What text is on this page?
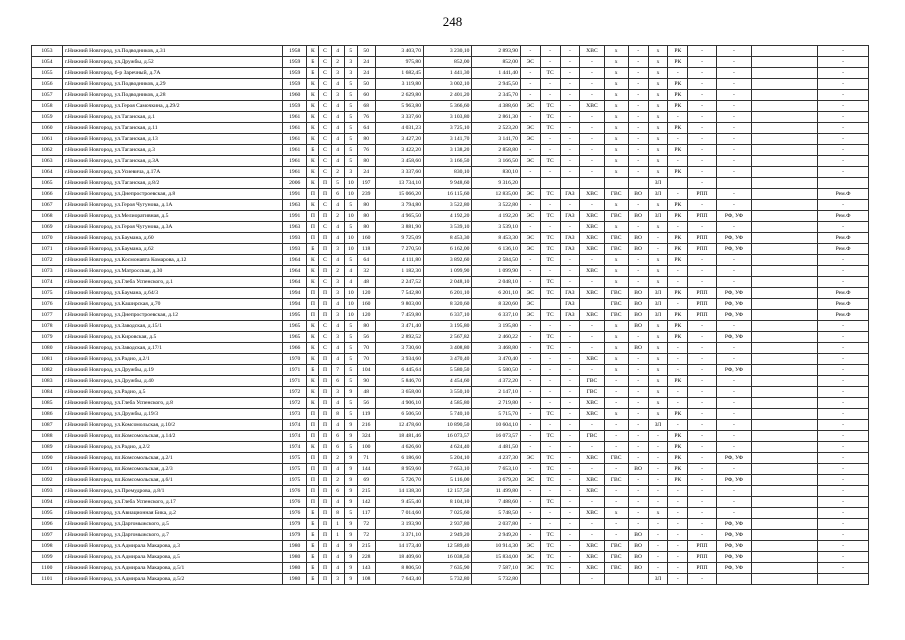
248
1053	г.Нижний Новгород, ул.Подводников, д.31	1958	К	С	4	5	50	3 403,70	3 230,10	2 893,90	-	-	-	ХВС	х	-	х	РК	-	-		-
1054	г.Нижний Новгород, ул.Дружбы, д.52	1959	Б	С	2	3	24	975,80	852,00	852,00	ЭС	-	-	-	х	-	х	РК	-	-		-
1055	г.Нижний Новгород, б-р Заречный, д.7А	1959	Б	С	3	3	24	1 682,45	1 441,30	1 441,40	-	ТС	-	-	х	-	х	-	-	-		-
1056	г.Нижний Новгород, ул.Подводников, д.29	1959	К	С	4	5	50	3 119,80	3 002,10	2 945,50	-	-	-	-	х	-	х	РК	-	-		-
1057	г.Нижний Новгород, ул.Подводников, д.28	1960	К	С	3	5	60	2 629,80	2 401,20	2 345,70	-	-	-	-	х	-	х	РК	-	-		-
1058	г.Нижний Новгород, ул.Героя Самочкина, д.29/2	1959	К	С	4	5	68	5 963,80	5 366,60	4 388,60	ЭС	ТС	-	ХВС	х	-	х	РК	-	-		-
1059	г.Нижний Новгород, ул.Таганская, д.1	1961	К	С	4	5	76	3 337,60	3 103,80	2 861,30	-	ТС	-	-	х	-	х	-	-	-		-
1060	г.Нижний Новгород, ул.Таганская, д.11	1961	К	С	4	5	64	4 031,23	3 725,10	2 523,20	ЭС	ТС	-	-	х	-	х	РК	-	-		-
1061	г.Нижний Новгород, ул.Таганская, д.13	1961	К	С	4	5	80	3 427,20	3 141,70	3 141,70	ЭС	-	-	-	х	-	х	-	-	-		-
1062	г.Нижний Новгород, ул.Таганская, д.3	1961	Б	С	4	5	76	3 422,20	3 138,20	2 858,80	-	-	-	-	х	-	х	РК	-	-		-
1063	г.Нижний Новгород, ул.Таганская, д.3А	1961	К	С	4	5	80	3 458,60	3 166,50	3 166,50	ЭС	ТС	-	-	х	-	х	-	-	-		-
1064	г.Нижний Новгород, ул.Усиевича, д.17А	1961	К	С	2	3	24	3 337,60	830,10	830,10	-	-	-	-	х	-	х	РК	-	-		-
1065	г.Нижний Новгород, ул.Таганская, д.8/2	2006	К	П	5	10	197	13 734,10	9 948,60	9 316,20							ЗЛ		-			
1066	г.Нижний Новгород, ул.Днепростроевская, д.8	1991	П	П	6	10	239	15 066,20	16 115,60	12 835,00	ЭС	ТС	ГАЗ	ХВС	ГВС	ВО	ЗЛ	-	РПП	-		Рем.Ф
1067	г.Нижний Новгород, ул.Героя Чугунова, д.1А	1963	К	С	4	5	80	3 794,80	3 522,80	3 522,80	-	-	-	-	х	-	х	РК	-	-		-
1068	г.Нижний Новгород, ул.Мелиоративная, д.5	1991	П	П	2	10	80	4 965,50	4 192,20	4 192,20	ЭС	ТС	ГАЗ	ХВС	ГВС	ВО	ЗЛ	РК	РПП	РФ, УФ		Рем.Ф
1069	г.Нижний Новгород, ул.Героя Чугунова, д.3А	1963	П	С	4	5	80	3 881,90	3 539,10	3 539,10	-	-	-	ХВС	х	-	х	-	-	-		-
1070	г.Нижний Новгород, ул.Баумана, д.60	1993	П	П	4	10	160	9 725,09	8 453,30	8 453,30	ЭС	ТС	ГАЗ	ХВС	ГВС	ВО	-	РК	РПП	РФ, УФ		Рем.Ф
1071	г.Нижний Новгород, ул.Баумана, д.62	1993	Б	П	3	10	118	7 270,50	6 162,00	6 136,10	ЭС	ТС	ГАЗ	ХВС	ГВС	ВО	-	РК	РПП	РФ, УФ		Рем.Ф
1072	г.Нижний Новгород, ул.Космонавта Комарова, д.12	1964	К	С	4	5	64	4 111,80	3 892,60	2 584,50	-	ТС	-	-	х	-	х	РК	-	-		-
1073	г.Нижний Новгород, ул.Матросская, д.30	1964	К	П	2	4	32	1 182,30	1 099,90	1 099,90	-	-	-	ХВС	х	-	х	-	-	-		-
1074	г.Нижний Новгород, ул.Глеба Успенского, д.1	1964	К	С	3	4	48	2 247,52	2 048,10	2 048,10	-	ТС	-	-	х	-	х	-	-	-		-
1075	г.Нижний Новгород, ул.Баумана, д.64/3	1994	П	П	3	10	120	7 542,80	6 201,10	6 201,10	ЭС	ТС	ГАЗ	ХВС	ГВС	ВО	ЗЛ	РК	РПП	РФ, УФ		Рем.Ф
1076	г.Нижний Новгород, ул.Каширская, д.70	1994	П	П	4	10	160	9 803,00	8 320,60	8 320,60	ЭС		ГАЗ		ГВС	ВО	ЗЛ	-	РПП	РФ, УФ		Рем.Ф
1077	г.Нижний Новгород, ул.Днепростроевская, д.12	1995	П	П	3	10	120	7 459,80	6 337,10	6 337,10	ЭС	ТС	ГАЗ	ХВС	ГВС	ВО	ЗЛ	РК	РПП	РФ, УФ		Рем.Ф
1078	г.Нижний Новгород, ул.Заводская, д.15/1	1965	К	С	4	5	80	3 471,40	3 195,80	3 195,80	-	-	-	-	х	ВО	х	РК	-	-		-
1079	г.Нижний Новгород, ул.Кировская, д.5	1965	К	С	3	5	56	2 892,52	2 567,82	2 460,22	-	ТС	-	-	х	-	х	РК	-	РФ, УФ		-
1080	г.Нижний Новгород, ул.Заводская, д.17/1	1966	К	С	4	5	70	3 730,60	3 408,80	3 468,80	-	ТС	-	-	х	ВО	х	-	-	-		-
1081	г.Нижний Новгород, ул.Радио, д.2/1	1970	К	П	4	5	70	3 934,60	3 470,40	3 470,40	-	-	-	ХВС	х	-	х	-	-	-		-
1082	г.Нижний Новгород, ул.Дружбы, д.19	1971	Б	П	7	5	104	6 445,64	5 580,50	5 580,50	-	-	-	-	х	-	х	-	-	РФ, УФ		-
1083	г.Нижний Новгород, ул.Дружбы, д.40	1971	К	П	6	5	90	5 846,70	4 454,60	4 372,20	-	-	-	ГВС	-	-	х	РК	-	-		-
1084	г.Нижний Новгород, ул.Радио, д.5	1972	К	П	3	9	48	3 658,00	3 550,10	2 147,10	-	-	-	ГВС	-	-	х	-	-	-		-
1085	г.Нижний Новгород, ул.Глеба Успенского, д.8	1972	К	П	4	5	56	4 906,10	4 585,80	2 719,80	-	-	-	ХВС	-	-	х	-	-	-		-
1086	г.Нижний Новгород, ул.Дружбы, д.19/3	1973	П	П	8	5	119	6 506,50	5 740,10	5 715,70	-	ТС	-	ХВС	х	-	х	РК	-	-		-
1087	г.Нижний Новгород, ул.Комсомольская, д.10/2	1974	П	П	4	9	216	12 478,60	10 890,50	10 604,10	-	-	-	-	-	-	ЗЛ	-	-	-		-
1088	г.Нижний Новгород, пл.Комсомольская, д.14/2	1974	П	П	6	9	324	18 481,46	16 073,57	16 073,57	-	ТС	-	ГВС	-	-	-	РК	-	-		-
1089	г.Нижний Новгород, ул.Радио, д.2/2	1974	К	П	6	5	100	4 626,60	4 624,40	4 481,50	-	-	-	-	-	-	-	РК	-	-		-
1090	г.Нижний Новгород, пл.Комсомольская, д.2/1	1975	П	П	2	9	71	6 186,60	5 204,10	4 237,30	ЭС	ТС	-	ХВС	ГВС	-	-	РК	-	РФ, УФ		-
1091	г.Нижний Новгород, пл.Комсомольская, д.2/3	1975	П	П	4	9	144	8 959,60	7 653,10	7 653,10	-	ТС	-	-	-	ВО	-	РК	-	-		-
1092	г.Нижний Новгород, пл.Комсомольская, д.6/1	1975	П	П	2	9	69	5 726,70	5 116,00	3 679,20	ЭС	ТС	-	ХВС	ГВС	-	-	РК	-	РФ, УФ		-
1093	г.Нижний Новгород, ул.Премудрова, д.8/1	1976	П	П	6	9	215	14 138,30	12 157,50	11 499,80	-	-	-	ХВС	-	-	-	-	-	-		-
1094	г.Нижний Новгород, ул.Глеба Успенского, д.17	1976	П	П	4	9	142	9 455,40	8 104,10	7 488,60	-	ТС	-	-	-	-	-	-	-	-		-
1095	г.Нижний Новгород, ул.Авиационная Бика, д.2	1976	Б	П	8	5	117	7 014,60	7 025,60	5 748,50	-	-	-	ХВС	х	-	х	-	-	-		-
1096	г.Нижний Новгород, ул.Даргомыжского, д.5	1979	Б	П	1	9	72	3 193,90	2 937,80	2 037,80	-	-	-	-	-	-	-	-	-	РФ, УФ		-
1097	г.Нижний Новгород, ул.Даргомыжского, д.7	1979	Б	П	1	9	72	3 371,10	2 949,20	2 949,20	-	ТС	-	-	-	ВО	-	-	-	РФ, УФ		-
1098	г.Нижний Новгород, ул.Адмирала Макарова, д.3	1980	Б	П	4	9	215	14 173,40	12 589,40	10 914,30	ЭС	ТС	-	ХВС	ГВС	ВО	-	-	РПП	РФ, УФ		-
1099	г.Нижний Новгород, ул.Адмирала Макарова, д.5	1980	Б	П	4	9	228	18 409,60	16 038,50	15 834,00	ЭС	ТС	-	ХВС	ГВС	ВО	-	-	РПП	РФ, УФ		-
1100	г.Нижний Новгород, ул.Адмирала Макарова, д.5/1	1980	Б	П	4	9	143	8 806,50	7 635,90	7 587,10	ЭС	ТС	-	ХВС	ГВС	ВО	-	-	РПП	РФ, УФ		-
1101	г.Нижний Новгород, ул.Адмирала Макарова, д.5/2	1980	Б	П	3	9	108	7 643,40	5 732,80	5 732,80				-			ЗЛ	-	-			
